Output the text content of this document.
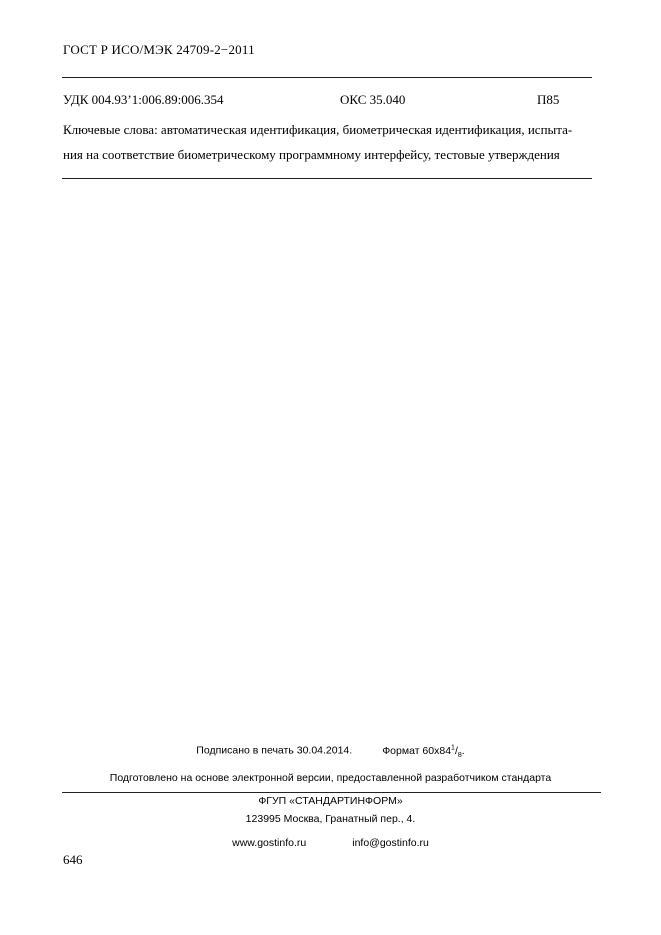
ГОСТ Р ИСО/МЭК 24709-2−2011
УДК 004.93’1:006.89:006.354	ОКС 35.040	П85
Ключевые слова: автоматическая идентификация, биометрическая идентификация, испыта-
ния на соответствие биометрическому программному интерфейсу, тестовые утверждения
Подписано в печать 30.04.2014.	Формат $60x84^1/_8$.
Подготовлено на основе электронной версии, предоставленной разработчиком стандарта
ФГУП «СТАНДАРТИНФОРМ»
123995 Москва, Гранатный пер., 4.
www.gostinfo.ru	info@gostinfo.ru
646
